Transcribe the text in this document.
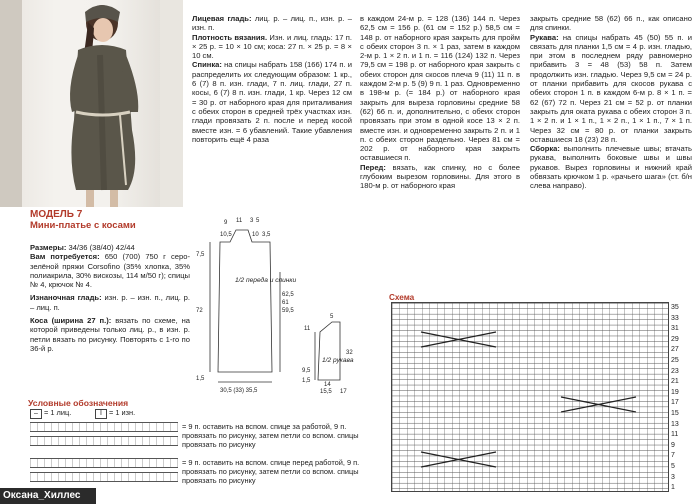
МОДЕЛЬ 7
Мини-платье с косами

Размеры: 34/36 (38/40) 42/44

Вам потребуется: 650 (700) 750 г серо-зелёной пряжи Corsofino (35% хлопка, 35% полиакрила, 30% вискозы, 114 м/50 г); спицы № 4, крючок № 4.

Изнаночная гладь: изн. р. – изн. п., лиц. р. – лиц. п.

Коса (ширина 27 п.): вязать по схеме, на которой приведены только лиц. р., в изн. р. петли вязать по рисунку. Повторять с 1-го по 36-й р.

Лицевая гладь: лиц. р. – лиц. п., изн. р. – изн. п.

Плотность вязания. Изн. и лиц. гладь: 17 п. × 25 р. = 10 × 10 см; коса: 27 п. × 25 р. = 8 × 10 см.

Спинка: на спицы набрать 158 (166) 174 п. и распределить их следующим образом: 1 кр., 6 (7) 8 п. изн. глади, 7 п. лиц. глади, 27 п. косы, 6 (7) 8 п. изн. глади, 1 кр. Через 12 см = 30 р. от наборного края для приталивания с обеих сторон в средней трёх участках изн. глади провязать 2 п. после и перед косой вместе изн. = 6 убавлений. Такие убавления повторить ещё 4 раза

в каждом 24-м р. = 128 (136) 144 п. Через 62,5 см = 156 р. (61 см = 152 р.) 58,5 см = 148 р. от наборного края закрыть для пройм с обеих сторон 3 п. × 1 раз, затем в каждом 2-м р. 1 × 2 п. и 1 п. = 116 (124) 132 п. Через 79,5 см = 198 р. от наборного края закрыть с обеих сторон для скосов плеча 9 (11) 11 п. в каждом 2-м р. 5 (9) 9 п. 1 раз. Одновременно в 198-м р. (= 184 р.) от наборного края закрыть для выреза горловины средние 58 (62) 66 п. и, дополнительно, с обеих сторон провязать при этом в одной косе 13 × 2 п. вместе изн. и одновременно закрыть 2 п. и 1 п. с обеих сторон раздельно. Через 81 см = 202 р. от наборного края закрыть оставшиеся п.

Перед: вязать, как спинку, но с более глубоким вырезом горловины. Для этого в 180-м р. от наборного края

закрыть средние 58 (62) 66 п., как описано для спинки.

Рукава: на спицы набрать 45 (50) 55 п. и связать для планки 1,5 см = 4 р. изн. гладью, при этом в последнем ряду равномерно прибавить 3 = 48 (53) 58 п. Затем продолжить изн. гладью. Через 9,5 см = 24 р. от планки прибавить для скосов рукава с обеих сторон 1 п. в каждом 6-м р. 8 × 1 п. = 62 (67) 72 п. Через 21 см = 52 р. от планки закрыть для оката рукава с обеих сторон 3 п. 1 × 2 п. и 1 × 1 п., 1 × 2 п., 1 × 1 п., 7 × 1 п. Через 32 см = 80 р. от планки закрыть оставшиеся 18 (23) 28 п.

Сборка: выполнить плечевые швы; втачать рукава, выполнить боковые швы и швы рукавов. Вырез горловины и нижний край обвязать крючком 1 р. «рачьего шага» (ст. б/н слева направо).

1/2 переда и спинки
1/2 рукава
9
10,5
11 3 5
10 3,5
7,5
72
62,5
61
59,5
30,5 (33) 35,5
1,5
11
5
32
9,5
1,5
14
15,5 17
Условные обозначения
– = 1 лиц.	I = 1 изн.
= 9 п. оставить на вспом. спице за работой, 9 п. провязать по рисунку, затем петли со вспом. спицы провязать по рисунку
= 9 п. оставить на вспом. спице перед работой, 9 п. провязать по рисунку, затем петли со вспом. спицы провязать по рисунку
Схема
35
33
31
29
27
25
23
21
19
17
15
13
11
9
7
5
3
1
Оксана_Хиллес
